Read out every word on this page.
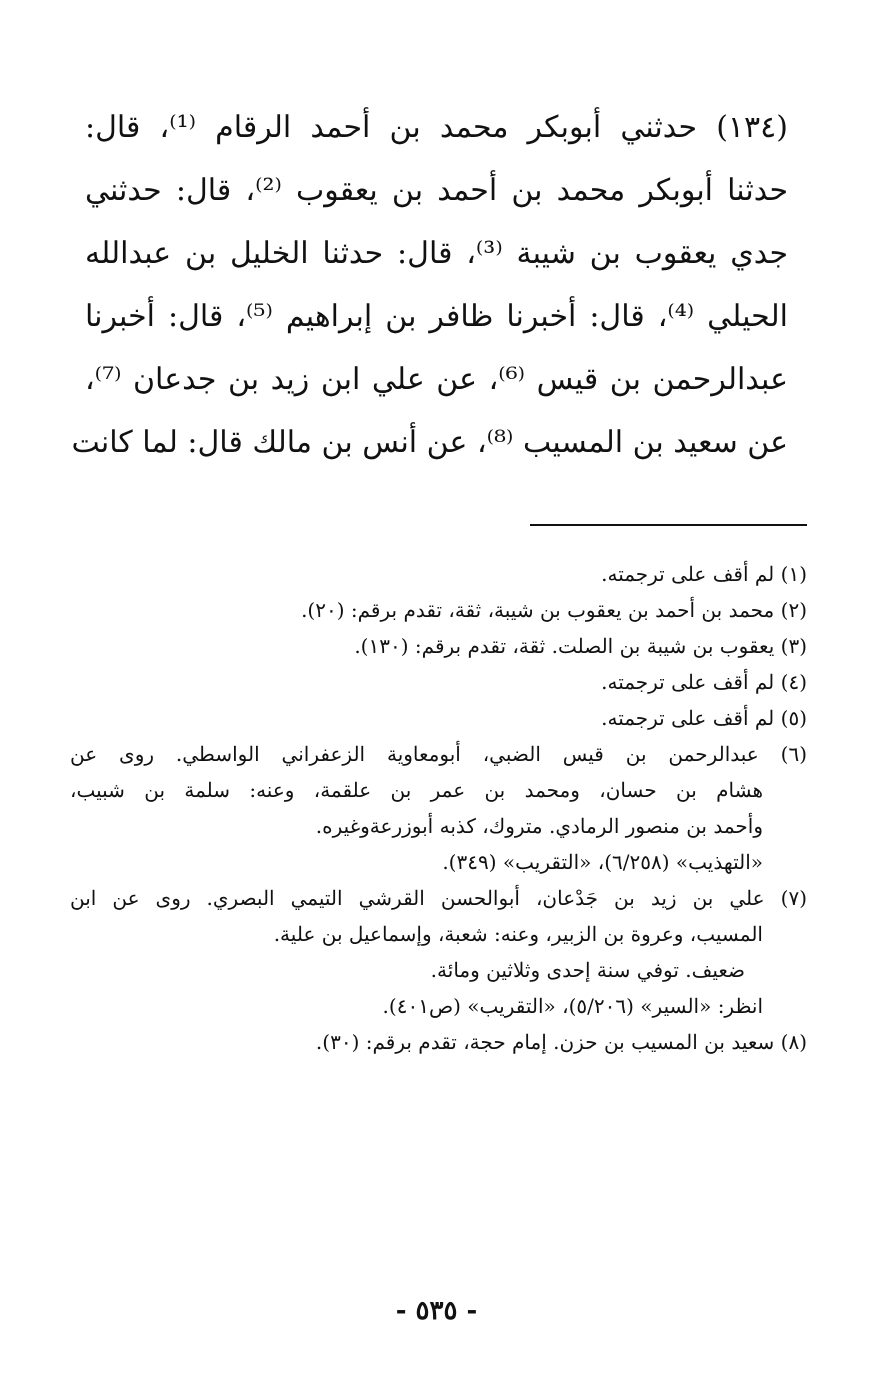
(١٣٤) حدثني أبوبكر محمد بن أحمد الرقام ⁽¹⁾، قال:
حدثنا أبوبكر محمد بن أحمد بن يعقوب ⁽²⁾، قال: حدثني
جدي يعقوب بن شيبة ⁽³⁾، قال: حدثنا الخليل بن عبدالله
الحيلي ⁽⁴⁾، قال: أخبرنا ظافر بن إبراهيم ⁽⁵⁾، قال: أخبرنا
عبدالرحمن بن قيس ⁽⁶⁾، عن علي ابن زيد بن جدعان ⁽⁷⁾،
عن سعيد بن المسيب ⁽⁸⁾، عن أنس بن مالك قال: لما كانت
(١) لم أقف على ترجمته.
(٢) محمد بن أحمد بن يعقوب بن شيبة، ثقة، تقدم برقم: (٢٠).
(٣) يعقوب بن شيبة بن الصلت. ثقة، تقدم برقم: (١٣٠).
(٤) لم أقف على ترجمته.
(٥) لم أقف على ترجمته.
(٦) عبدالرحمن بن قيس الضبي، أبومعاوية الزعفراني الواسطي. روى عن
هشام بن حسان، ومحمد بن عمر بن علقمة، وعنه: سلمة بن شبيب،
وأحمد بن منصور الرمادي. متروك، كذبه أبوزرعةوغيره.
«التهذيب» (٦/٢٥٨)، «التقريب» (٣٤٩).
(٧) علي بن زيد بن جَدْعان، أبوالحسن القرشي التيمي البصري. روى عن ابن
المسيب، وعروة بن الزبير، وعنه: شعبة، وإسماعيل بن علية.
ضعيف. توفي سنة إحدى وثلاثين ومائة.
انظر: «السير» (٥/٢٠٦)، «التقريب» (ص٤٠١).
(٨) سعيد بن المسيب بن حزن. إمام حجة، تقدم برقم: (٣٠).
- ٥٣٥ -
